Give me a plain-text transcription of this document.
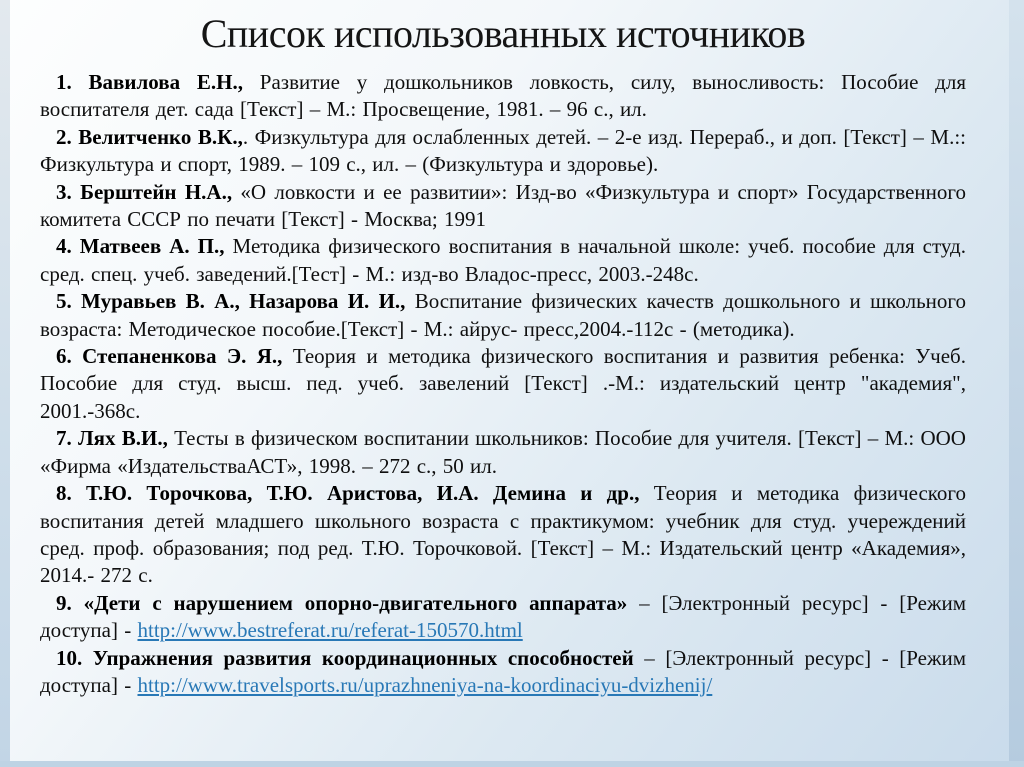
Список использованных источников

1. Вавилова Е.Н., Развитие у дошкольников ловкость, силу, выносливость: Пособие для воспитателя дет. сада [Текст] – М.: Просвещение, 1981. – 96 с., ил.

2. Велитченко В.К.,. Физкультура для ослабленных детей. – 2-е изд. Перераб., и доп. [Текст] – М.:: Физкультура и спорт, 1989. – 109 с., ил. – (Физкультура и здоровье).

3. Берштейн Н.А., «О ловкости и ее развитии»: Изд-во «Физкультура и спорт» Государственного комитета СССР по печати [Текст] - Москва; 1991

4. Матвеев А. П., Методика физического воспитания в начальной школе: учеб. пособие для студ. сред. спец. учеб. заведений.[Тест] - М.: изд-во Владос-пресс, 2003.-248с.

5. Муравьев В. А., Назарова И. И., Воспитание физических качеств дошкольного и школьного возраста: Методическое пособие.[Текст] - М.: айрус- пресс,2004.-112с - (методика).

6. Степаненкова Э. Я., Теория и методика физического воспитания и развития ребенка: Учеб. Пособие для студ. высш. пед. учеб. завелений [Текст] .-М.: издательский центр "академия", 2001.-368с.

7. Лях В.И., Тесты в физическом воспитании школьников: Пособие для учителя. [Текст] – М.: ООО «Фирма «ИздательстваАСТ», 1998. – 272 с., 50 ил.

8. Т.Ю. Торочкова, Т.Ю. Аристова, И.А. Демина и др., Теория и методика физического воспитания детей младшего школьного возраста с практикумом: учебник для студ. учереждений сред. проф. образования; под ред. Т.Ю. Торочковой. [Текст] – М.: Издательский центр «Академия», 2014.- 272 с.

9. «Дети с нарушением опорно-двигательного аппарата» – [Электронный ресурс] - [Режим доступа] - http://www.bestreferat.ru/referat-150570.html

10. Упражнения развития координационных способностей – [Электронный ресурс] - [Режим доступа] - http://www.travelsports.ru/uprazhneniya-na-koordinaciyu-dvizhenij/
